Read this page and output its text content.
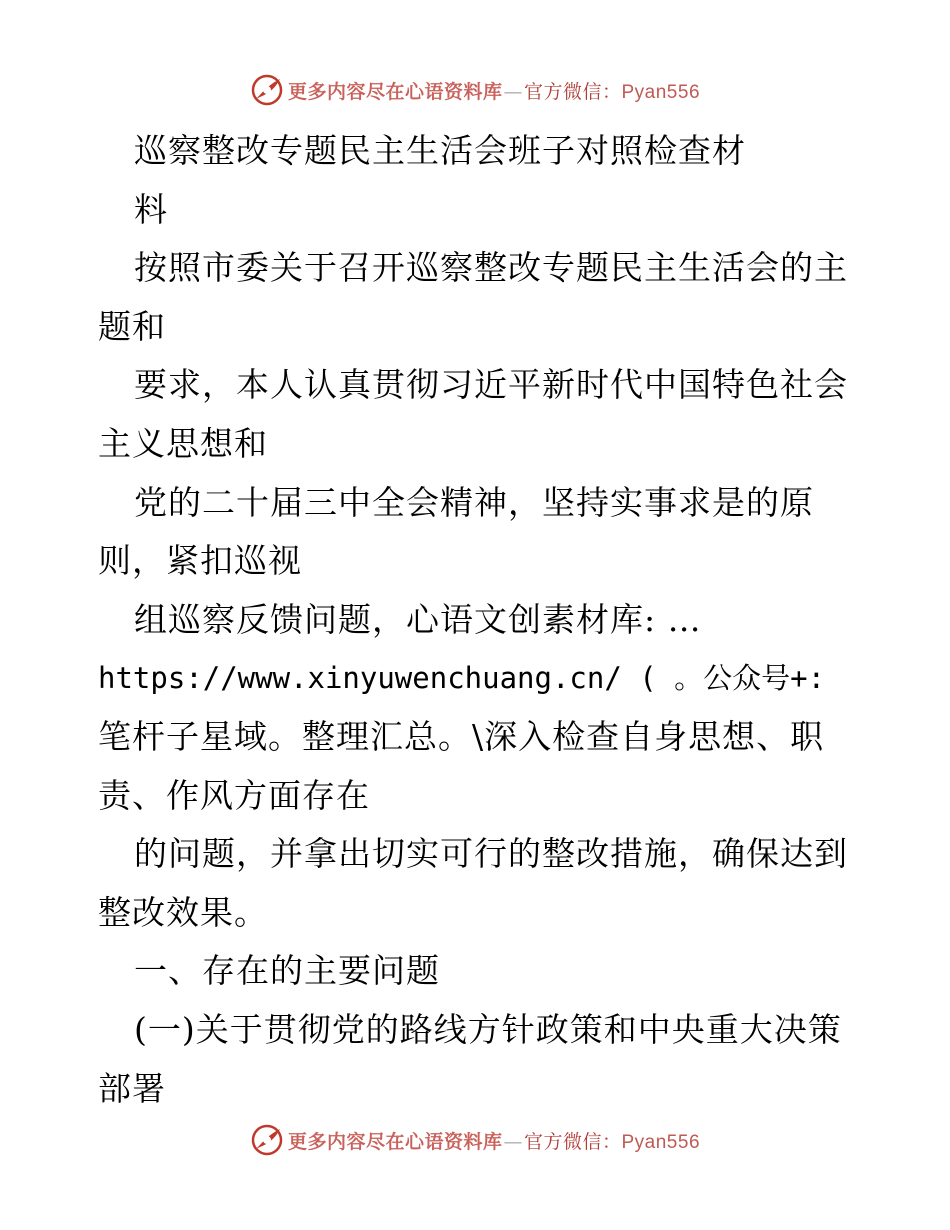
更多内容尽在心语资料库—官方微信：Pyan556
巡察整改专题民主生活会班子对照检查材
料
按照市委关于召开巡察整改专题民主生活会的主
题和
要求，本人认真贯彻习近平新时代中国特色社会
主义思想和
党的二十届三中全会精神，坚持实事求是的原
则，紧扣巡视
组巡察反馈问题，心语文创素材库: …
https://www.xinyuwenchuang.cn/ ( 。公众号+:
笔杆子星域。整理汇总。\深入检查自身思想、职
责、作风方面存在
的问题，并拿出切实可行的整改措施，确保达到
整改效果。
一、存在的主要问题
(一)关于贯彻党的路线方针政策和中央重大决策
部署
更多内容尽在心语资料库—官方微信：Pyan556
